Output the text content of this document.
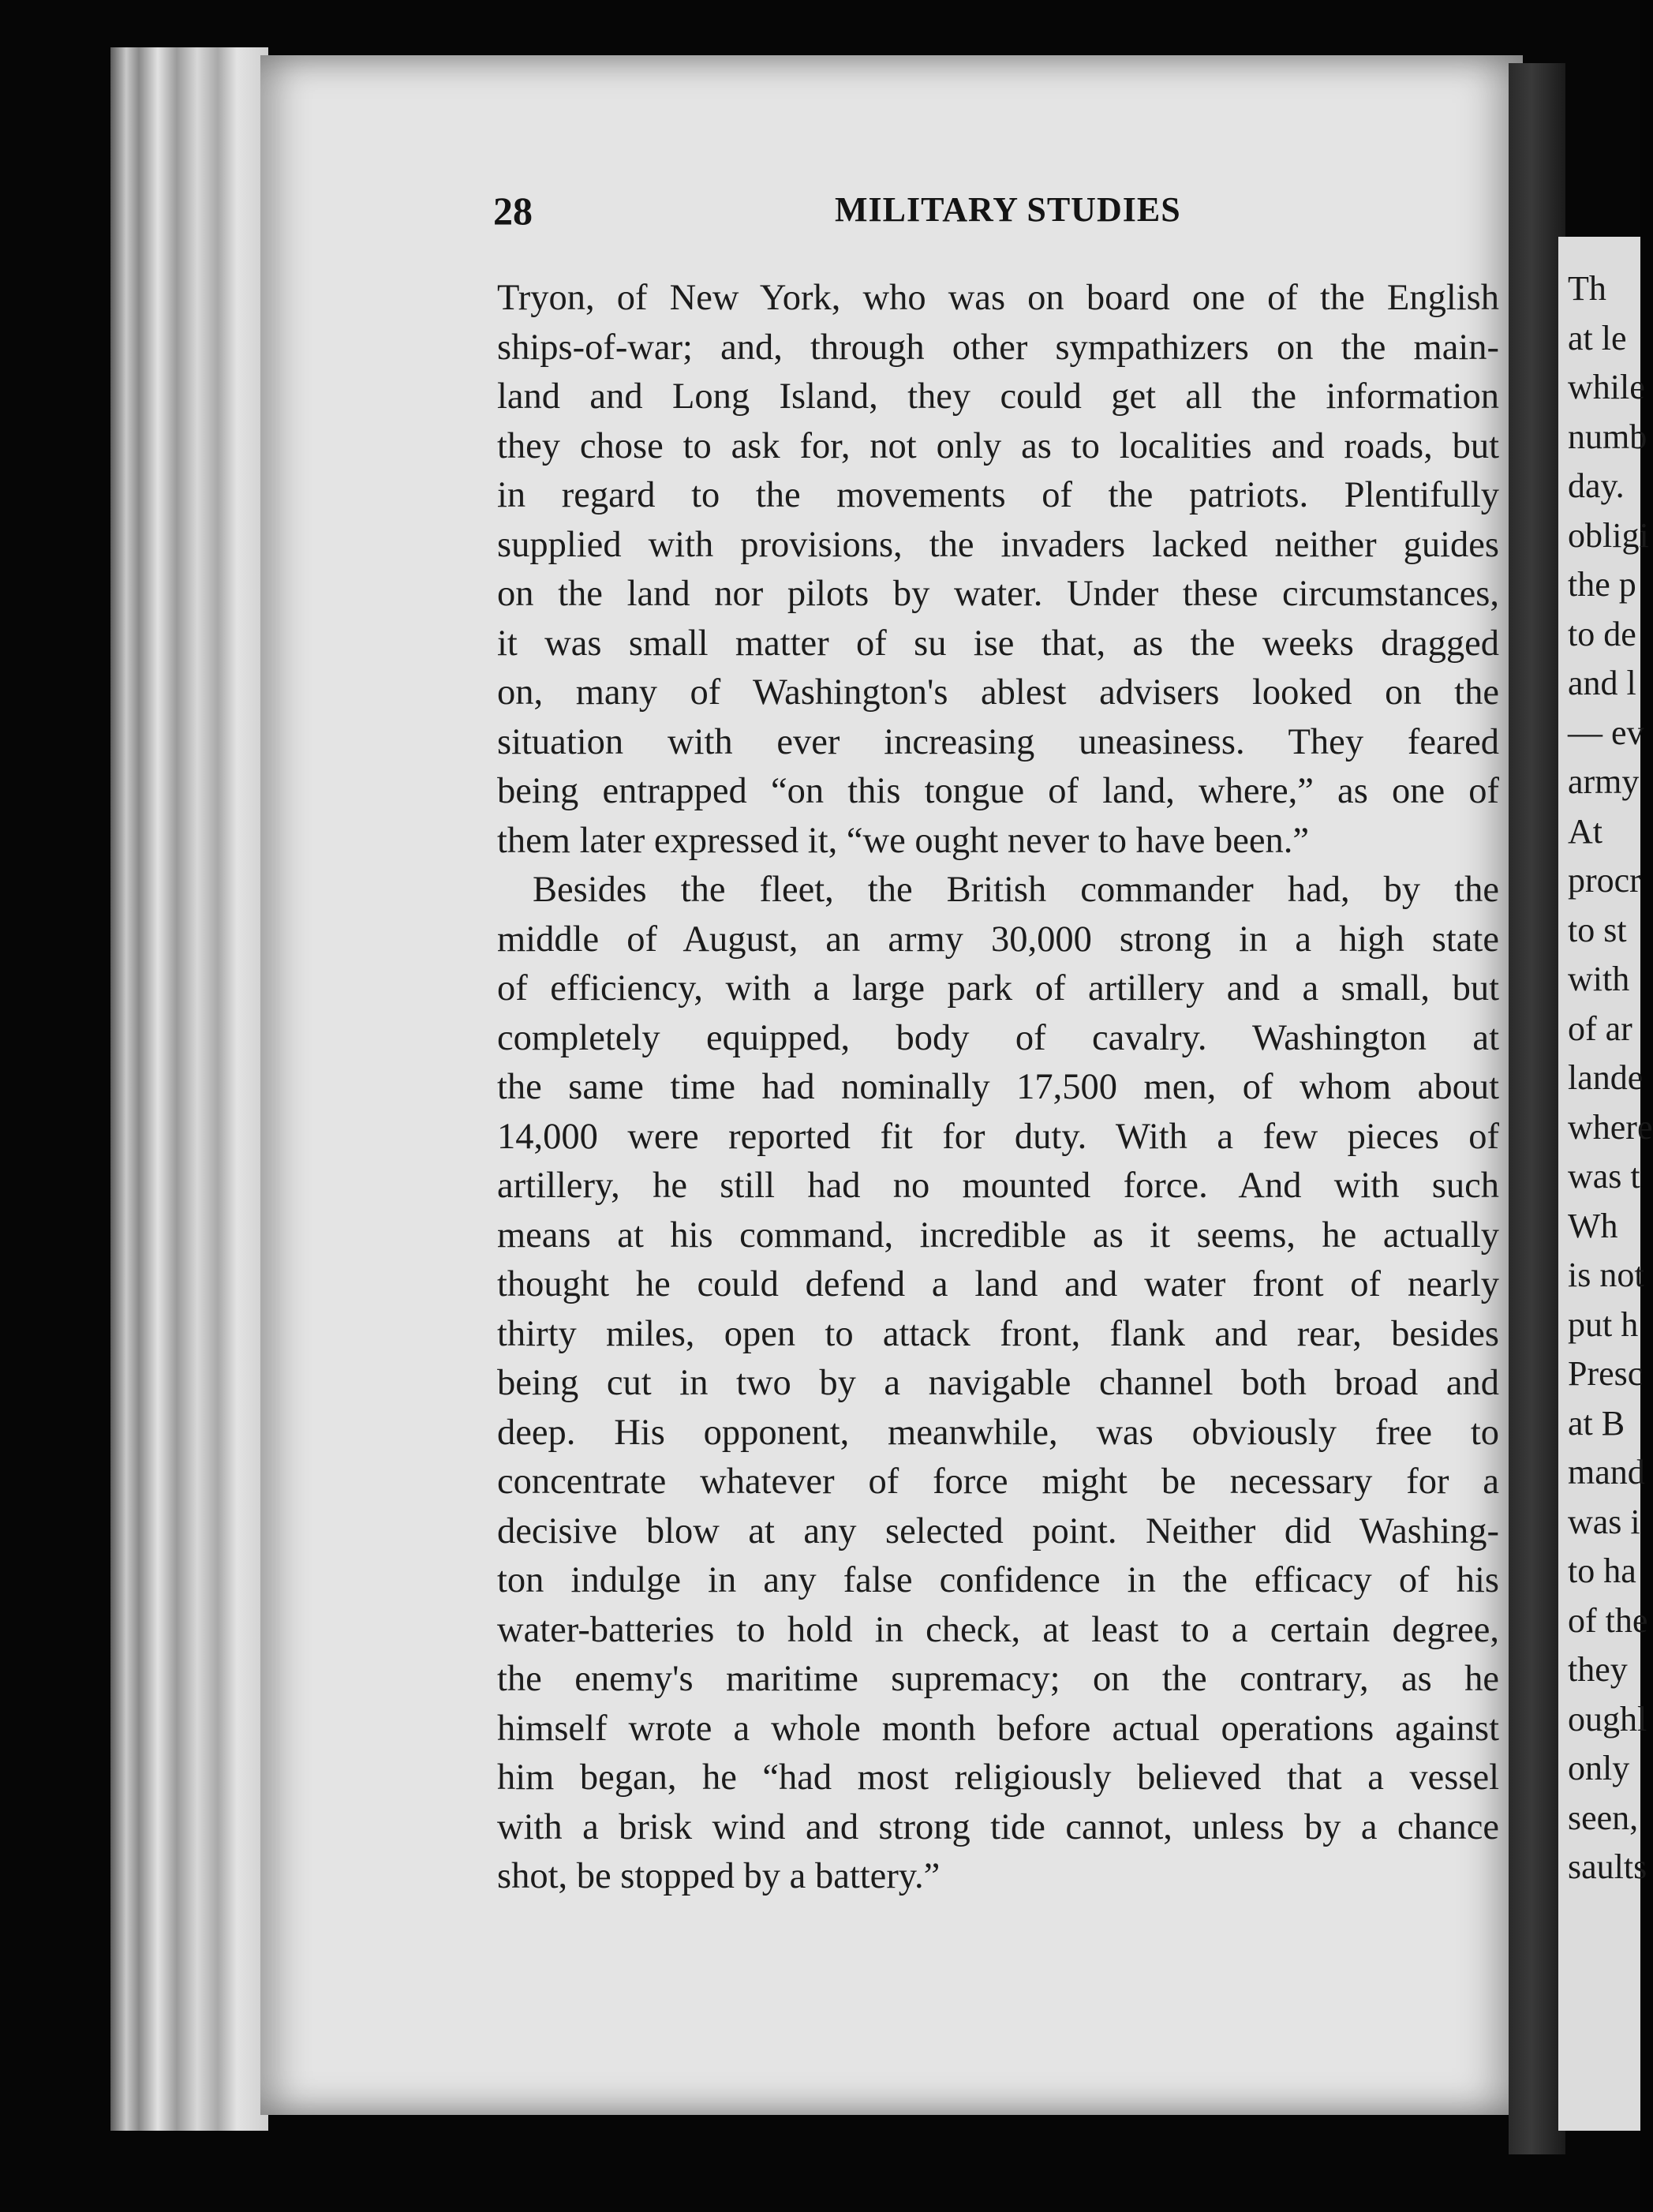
Th
at le
while
numb
day.
obligi
the p
to de
and l
— ev
army
At
procr
to st
with
of ar
lande
where
was t
Wh
is not
put h
Presc
at B
mand
was i
to ha
of the
they
oughl
only
seen,
saults
28	MILITARY STUDIES
Tryon, of New York, who was on board one of the English
ships-of-war; and, through other sympathizers on the main-
land and Long Island, they could get all the information
they chose to ask for, not only as to localities and roads, but
in regard to the movements of the patriots. Plentifully
supplied with provisions, the invaders lacked neither guides
on the land nor pilots by water. Under these circumstances,
it was small matter of su ise that, as the weeks dragged
on, many of Washington's ablest advisers looked on the
situation with ever increasing uneasiness. They feared
being entrapped “on this tongue of land, where,” as one of
them later expressed it, “we ought never to have been.”
Besides the fleet, the British commander had, by the
middle of August, an army 30,000 strong in a high state
of efficiency, with a large park of artillery and a small, but
completely equipped, body of cavalry. Washington at
the same time had nominally 17,500 men, of whom about
14,000 were reported fit for duty. With a few pieces of
artillery, he still had no mounted force. And with such
means at his command, incredible as it seems, he actually
thought he could defend a land and water front of nearly
thirty miles, open to attack front, flank and rear, besides
being cut in two by a navigable channel both broad and
deep. His opponent, meanwhile, was obviously free to
concentrate whatever of force might be necessary for a
decisive blow at any selected point. Neither did Washing-
ton indulge in any false confidence in the efficacy of his
water-batteries to hold in check, at least to a certain degree,
the enemy's maritime supremacy; on the contrary, as he
himself wrote a whole month before actual operations against
him began, he “had most religiously believed that a vessel
with a brisk wind and strong tide cannot, unless by a chance
shot, be stopped by a battery.”
